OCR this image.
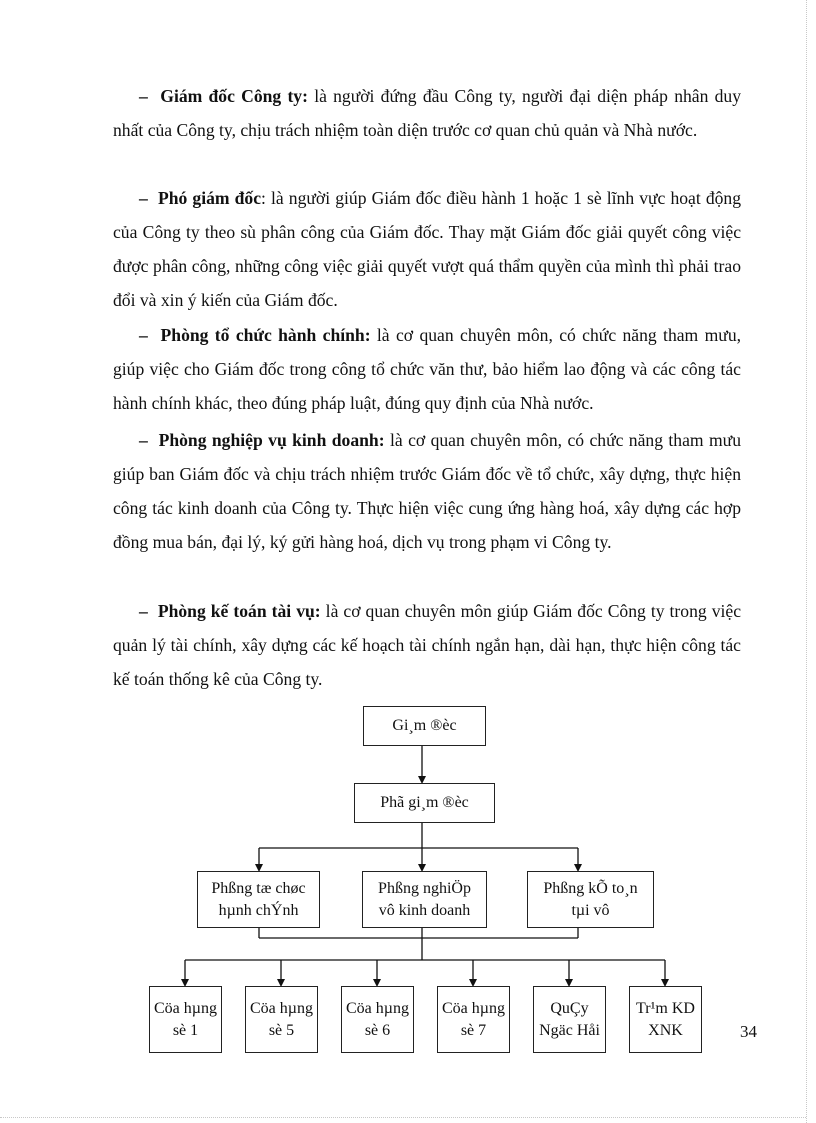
– Giám đốc Công ty: là người đứng đầu Công ty, người đại diện pháp nhân duy nhất của Công ty, chịu trách nhiệm toàn diện trước cơ quan chủ quản và Nhà nước.

– Phó giám đốc: là người giúp Giám đốc điều hành 1 hoặc 1 sè lĩnh vực hoạt động của Công ty theo sù phân công của Giám đốc. Thay mặt Giám đốc giải quyết công việc được phân công, những công việc giải quyết vượt quá thẩm quyền của mình thì phải trao đổi và xin ý kiến của Giám đốc.

– Phòng tổ chức hành chính: là cơ quan chuyên môn, có chức năng tham mưu, giúp việc cho Giám đốc trong công tổ chức văn thư, bảo hiểm lao động và các công tác hành chính khác, theo đúng pháp luật, đúng quy định của Nhà nước.

– Phòng nghiệp vụ kinh doanh: là cơ quan chuyên môn, có chức năng tham mưu giúp ban Giám đốc và chịu trách nhiệm trước Giám đốc về tổ chức, xây dựng, thực hiện công tác kinh doanh của Công ty. Thực hiện việc cung ứng hàng hoá, xây dựng các hợp đồng mua bán, đại lý, ký gửi hàng hoá, dịch vụ trong phạm vi Công ty.

– Phòng kế toán tài vụ: là cơ quan chuyên môn giúp Giám đốc Công ty trong việc quản lý tài chính, xây dựng các kế hoạch tài chính ngắn hạn, dài hạn, thực hiện công tác kế toán thống kê của Công ty.

Gi¸m ®èc
Phã gi¸m ®èc
Phßng tæ chøc
hµnh chÝnh
Phßng nghiÖp
vô kinh doanh
Phßng kÕ to¸n
tµi vô
Cöa hµng
sè 1
Cöa hµng
sè 5
Cöa hµng
sè 6
Cöa hµng
sè 7
QuÇy
Ngäc Håi
Tr¹m KD
XNK	34
